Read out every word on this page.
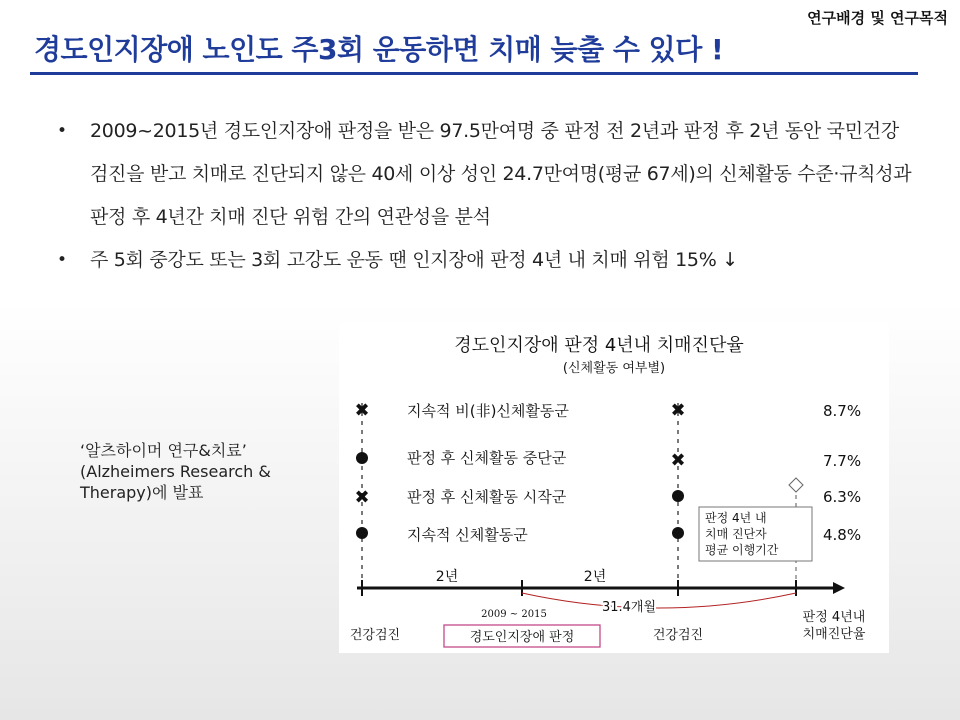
연구배경 및 연구목적
경도인지장애 노인도 주3회 운동하면 치매 늦출 수 있다 !
• 2009~2015년 경도인지장애 판정을 받은 97.5만여명 중 판정 전 2년과 판정 후 2년 동안 국민건강검진을 받고 치매로 진단되지 않은 40세 이상 성인 24.7만여명(평균 67세)의 신체활동 수준·규칙성과 판정 후 4년간 치매 진단 위험 간의 연관성을 분석
• 주 5회 중강도 또는 3회 고강도 운동 땐 인지장애 판정 4년 내 치매 위험 15% ↓
‘알츠하이머 연구&치료’
(Alzheimers Research & Therapy)에 발표
경도인지장애 판정 4년내 치매진단율
(신체활동 여부별)
✖	✖
지속적 비(非)신체활동군	8.7%
✖
판정 후 신체활동 중단군	7.7%
✖ 판정 후 신체활동 시작군	6.3%
지속적 신체활동군	4.8%
판정 4년 내
치매 진단자
평균 이행기간
2년	2년
31.4개월
2009 ~ 2015
건강검진	경도인지장애 판정	건강검진
판정 4년내
치매진단율
